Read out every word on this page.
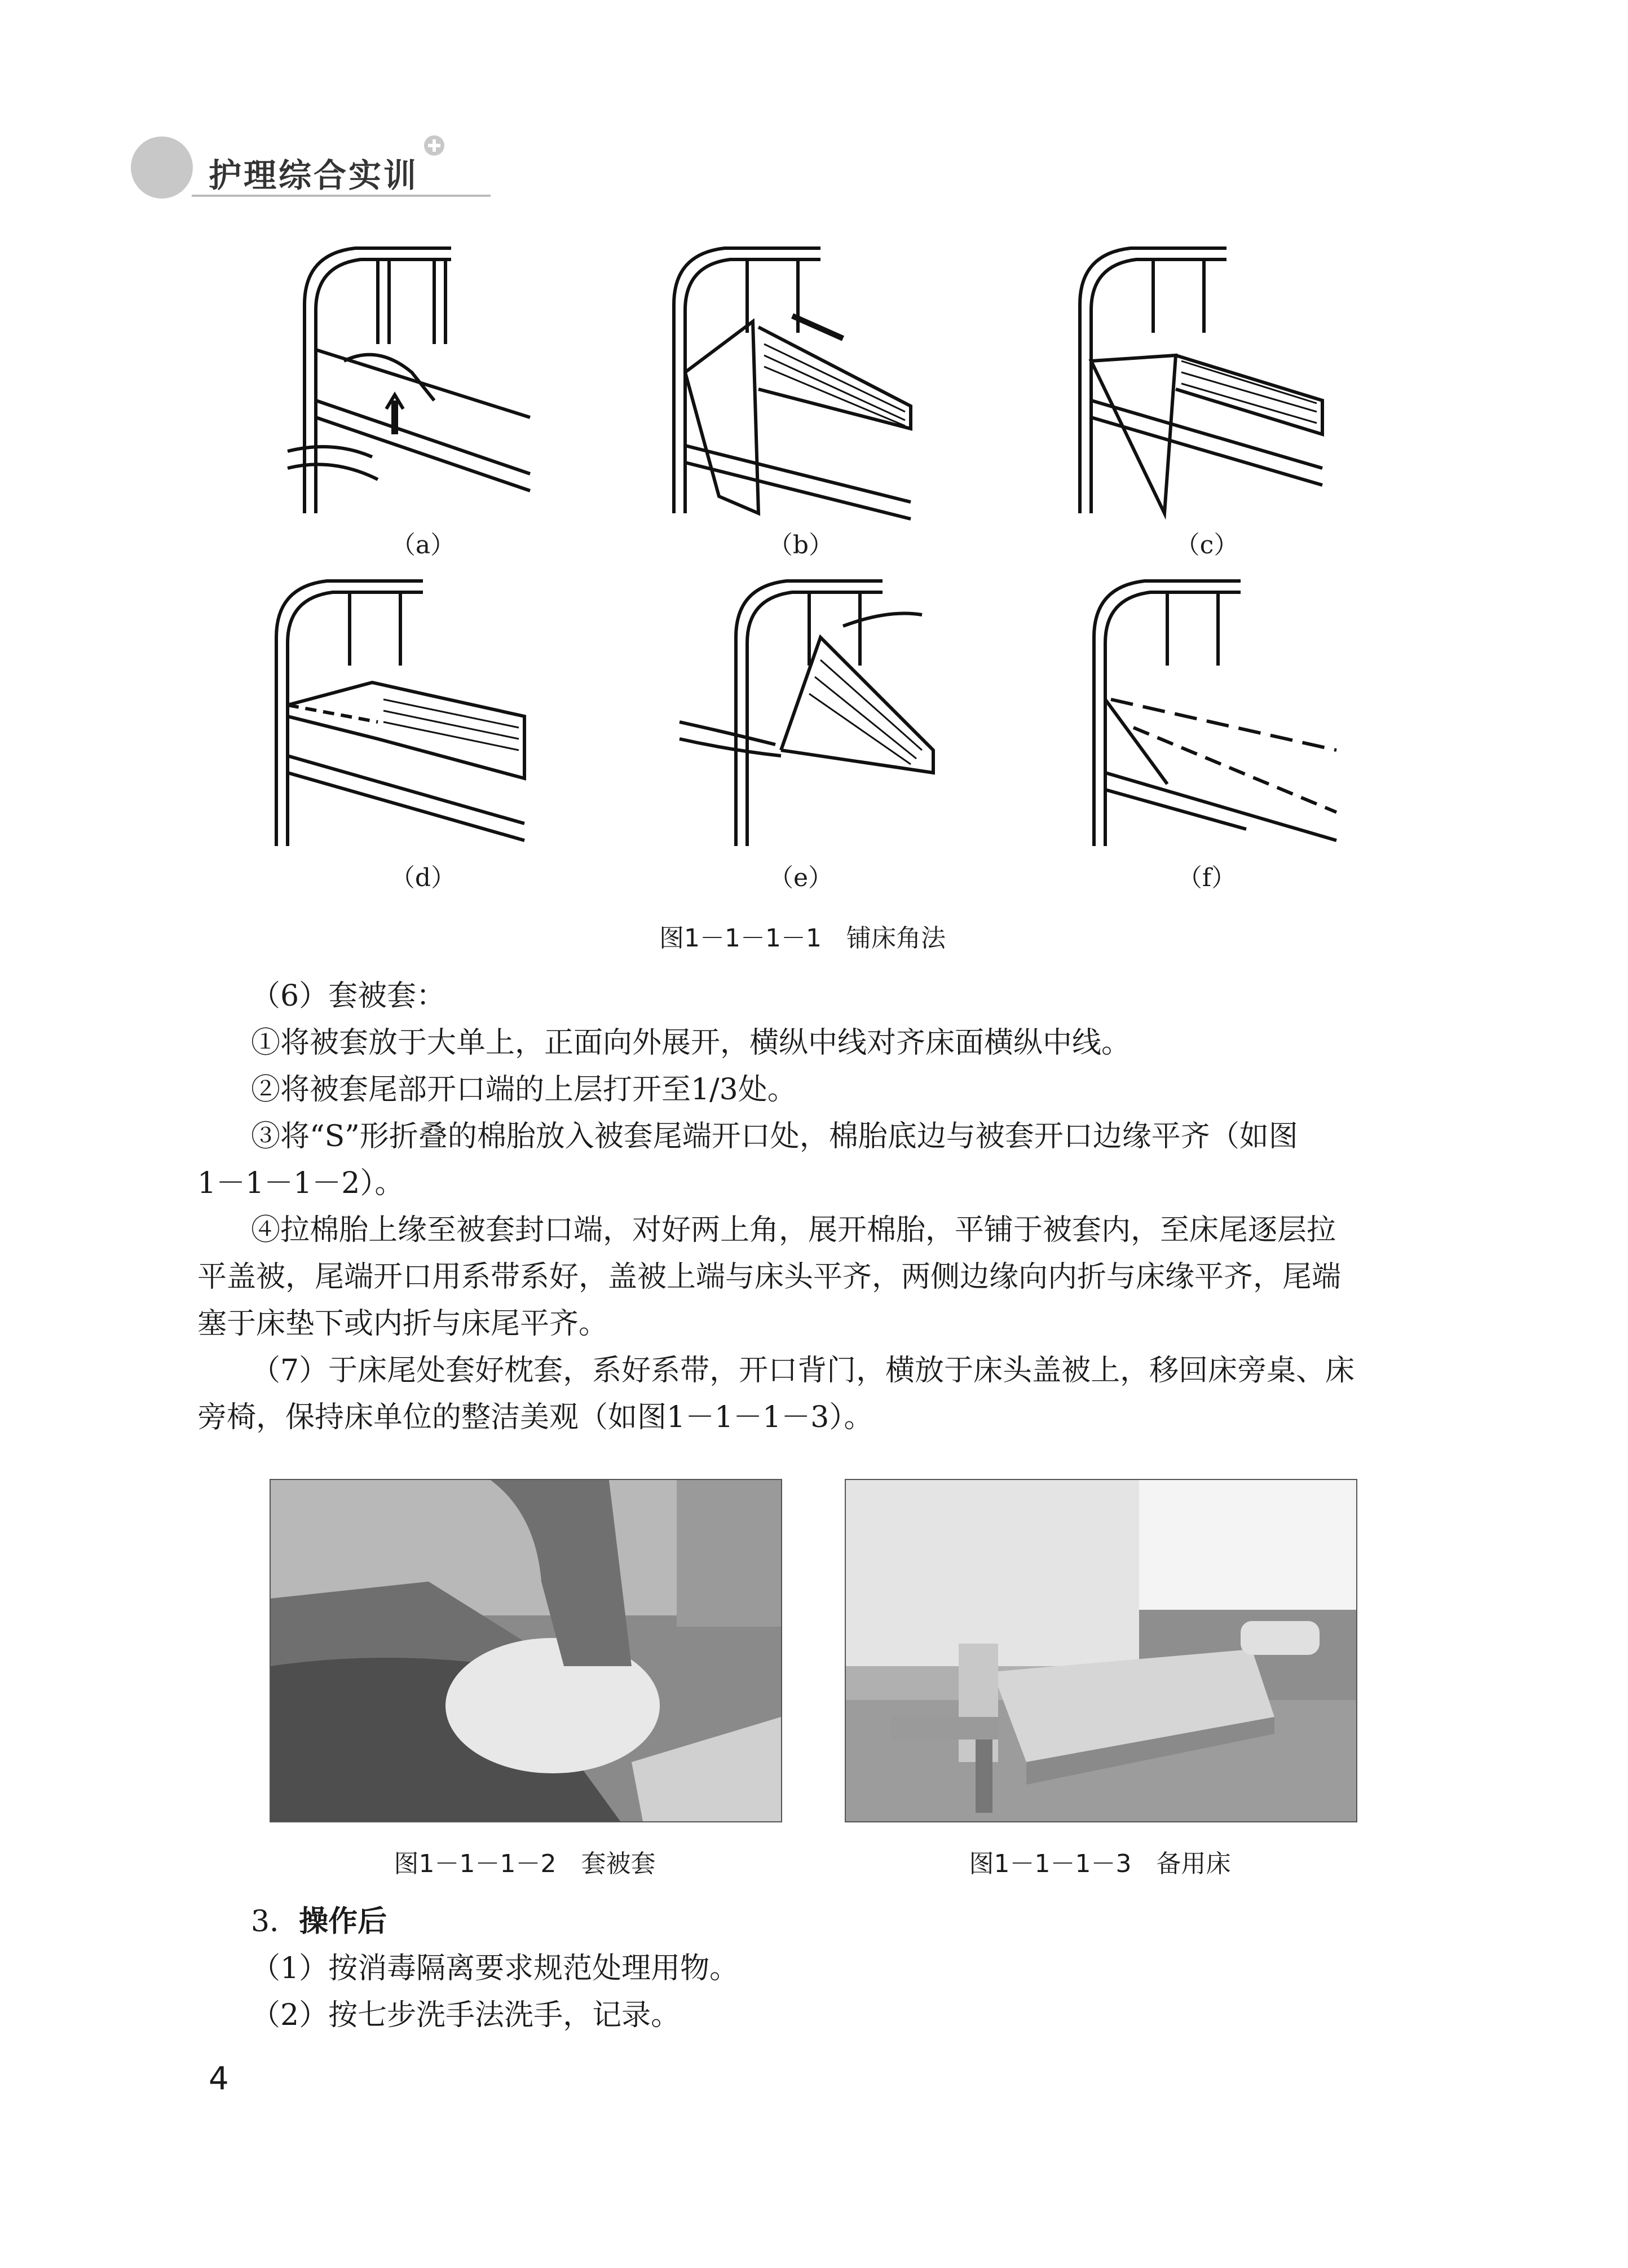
护理综合实训
（a）	（b）	（c）
（d）	（e）	（f）
图1－1－1－1　铺床角法
（6）套被套：
①将被套放于大单上，正面向外展开，横纵中线对齐床面横纵中线。
②将被套尾部开口端的上层打开至1/3处。
③将“S”形折叠的棉胎放入被套尾端开口处，棉胎底边与被套开口边缘平齐（如图
1－1－1－2）。
④拉棉胎上缘至被套封口端，对好两上角，展开棉胎，平铺于被套内，至床尾逐层拉
平盖被，尾端开口用系带系好，盖被上端与床头平齐，两侧边缘向内折与床缘平齐，尾端
塞于床垫下或内折与床尾平齐。
（7）于床尾处套好枕套，系好系带，开口背门，横放于床头盖被上，移回床旁桌、床
旁椅，保持床单位的整洁美观（如图1－1－1－3）。
图1－1－1－2　套被套	图1－1－1－3　备用床
3．操作后
（1）按消毒隔离要求规范处理用物。
（2）按七步洗手法洗手，记录。
4
